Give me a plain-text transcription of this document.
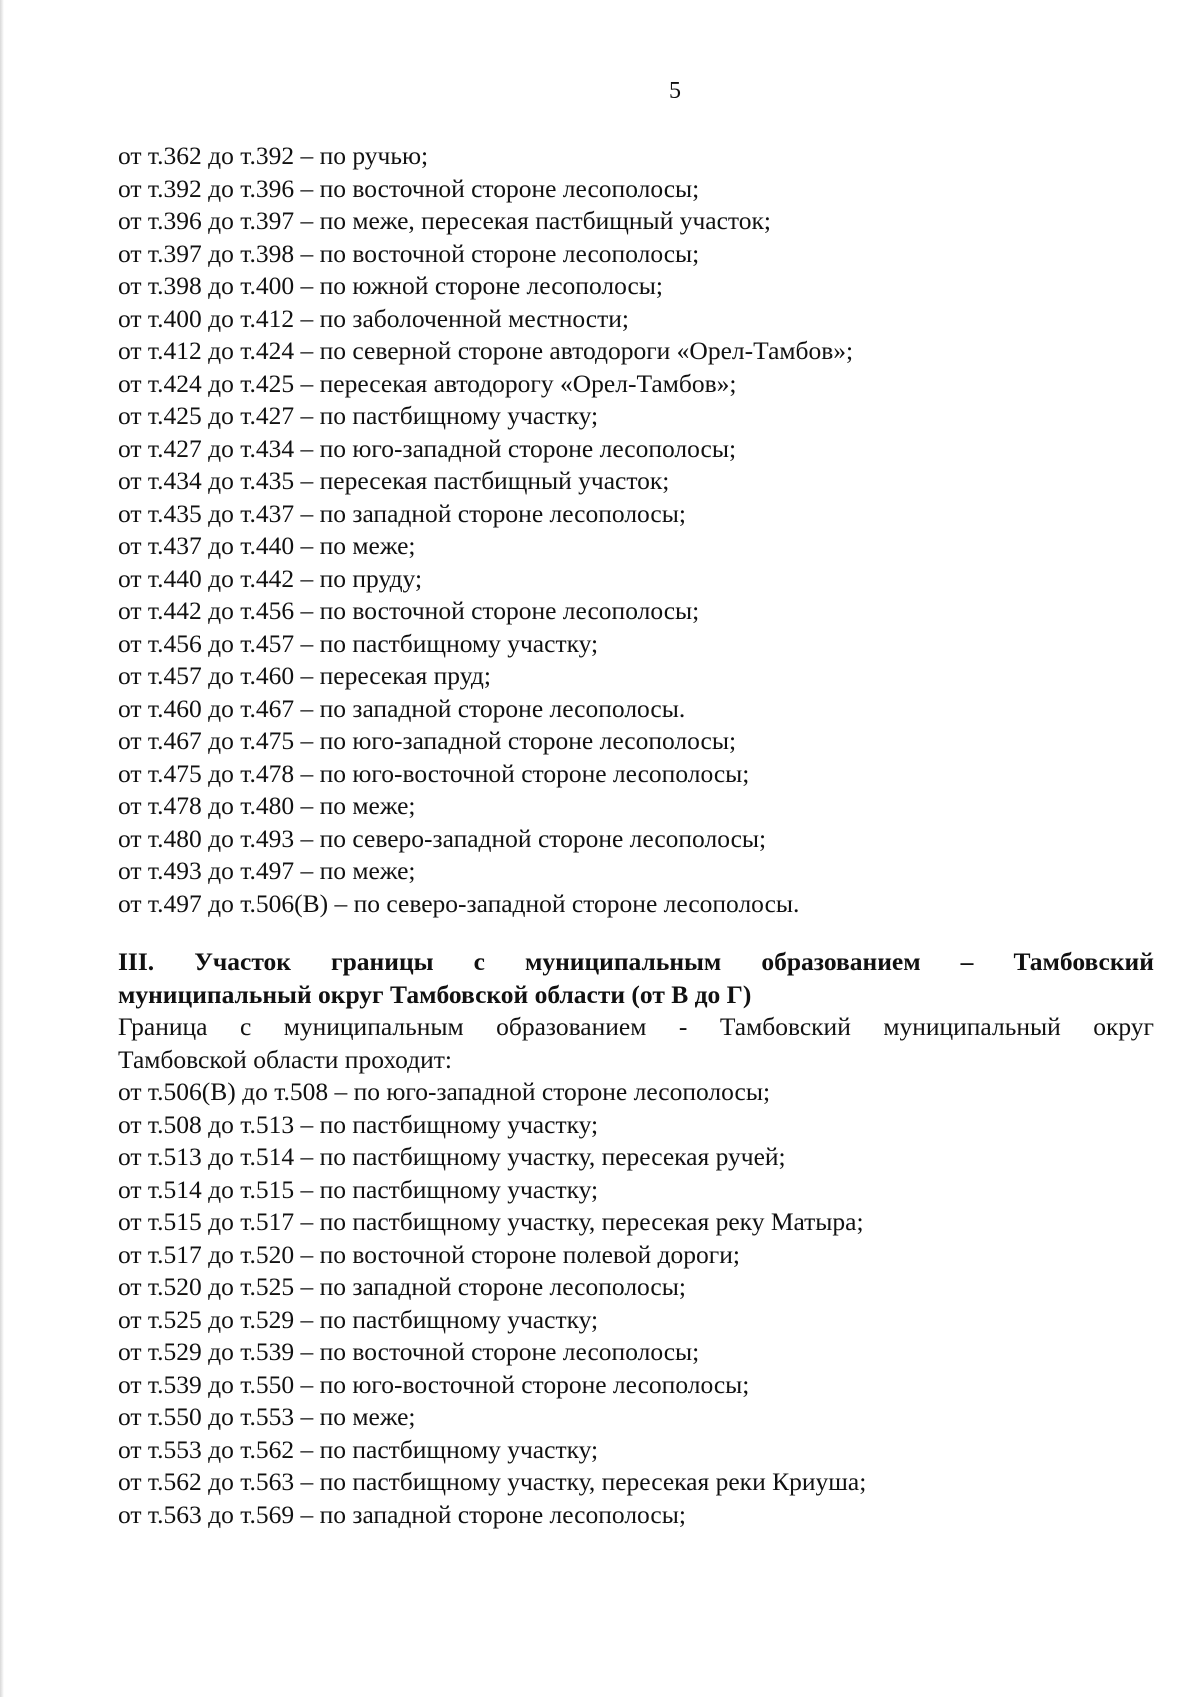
5
от т.362 до т.392 – по ручью;
от т.392 до т.396 – по восточной стороне лесополосы;
от т.396 до т.397 – по меже, пересекая пастбищный участок;
от т.397 до т.398 – по восточной стороне лесополосы;
от т.398 до т.400 – по южной стороне лесополосы;
от т.400 до т.412 – по заболоченной местности;
от т.412 до т.424 – по северной стороне автодороги «Орел-Тамбов»;
от т.424 до т.425 – пересекая автодорогу «Орел-Тамбов»;
от т.425 до т.427 – по пастбищному участку;
от т.427 до т.434 – по юго-западной стороне лесополосы;
от т.434 до т.435 – пересекая пастбищный участок;
от т.435 до т.437 – по западной стороне лесополосы;
от т.437 до т.440 – по меже;
от т.440 до т.442 – по пруду;
от т.442 до т.456 – по восточной стороне лесополосы;
от т.456 до т.457 – по пастбищному участку;
от т.457 до т.460 – пересекая пруд;
от т.460 до т.467 – по западной стороне лесополосы.
от т.467 до т.475 – по юго-западной стороне лесополосы;
от т.475 до т.478 – по юго-восточной стороне лесополосы;
от т.478 до т.480 – по меже;
от т.480 до т.493 – по северо-западной стороне лесополосы;
от т.493 до т.497 – по меже;
от т.497 до т.506(В) – по северо-западной стороне лесополосы.
III. Участок границы с муниципальным образованием – Тамбовский
муниципальный округ Тамбовской области (от В до Г)
Граница с муниципальным образованием - Тамбовский муниципальный округ
Тамбовской области проходит:
от т.506(В) до т.508 – по юго-западной стороне лесополосы;
от т.508 до т.513 – по пастбищному участку;
от т.513 до т.514 – по пастбищному участку, пересекая ручей;
от т.514 до т.515 – по пастбищному участку;
от т.515 до т.517 – по пастбищному участку, пересекая реку Матыра;
от т.517 до т.520 – по восточной стороне полевой дороги;
от т.520 до т.525 – по западной стороне лесополосы;
от т.525 до т.529 – по пастбищному участку;
от т.529 до т.539 – по восточной стороне лесополосы;
от т.539 до т.550 – по юго-восточной стороне лесополосы;
от т.550 до т.553 – по меже;
от т.553 до т.562 – по пастбищному участку;
от т.562 до т.563 – по пастбищному участку, пересекая реки Криуша;
от т.563 до т.569 – по западной стороне лесополосы;
